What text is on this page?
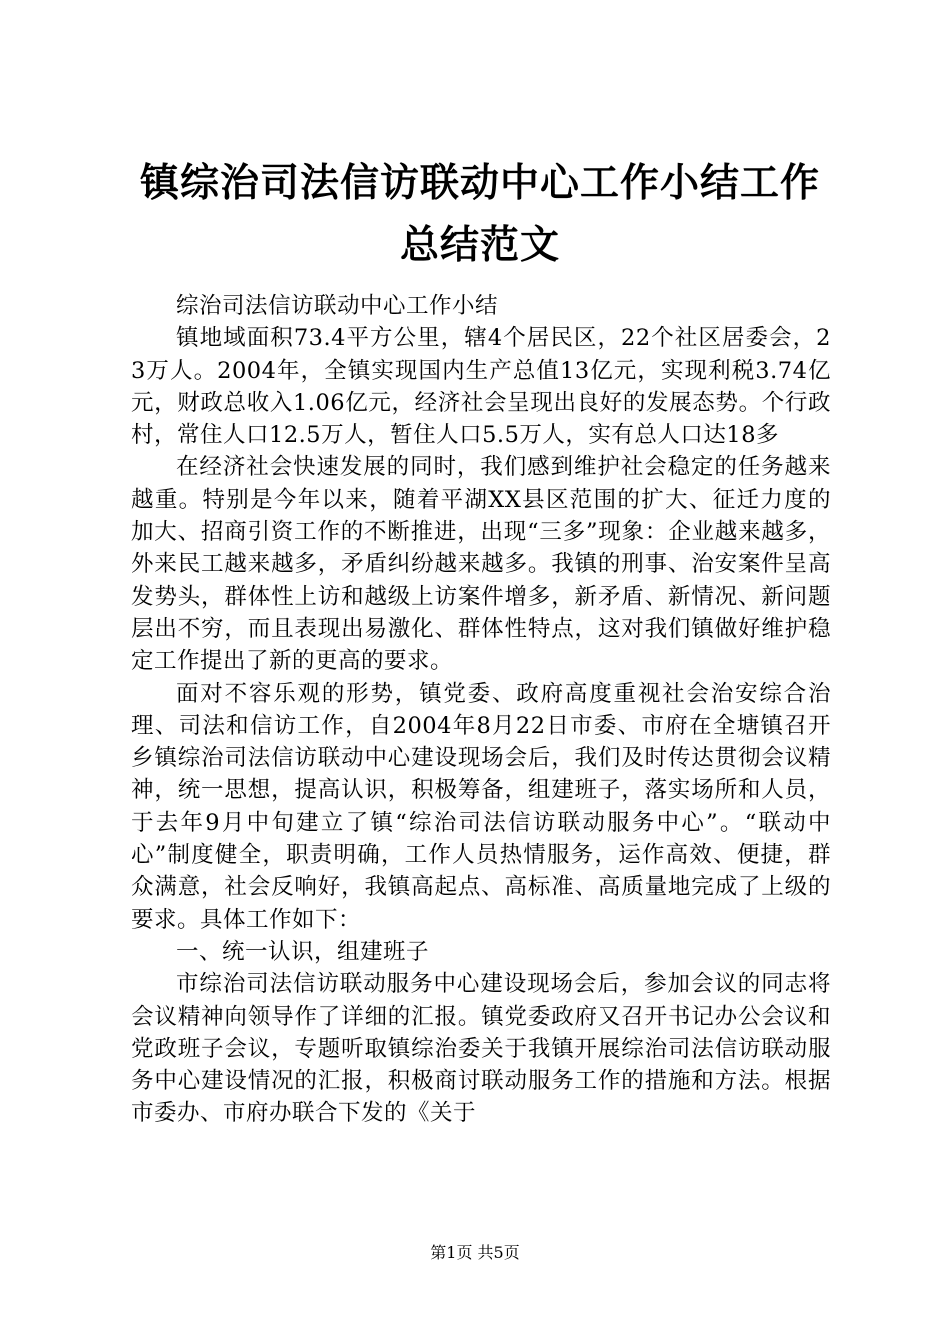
镇综治司法信访联动中心工作小结工作总结范文

综治司法信访联动中心工作小结

镇地域面积73.4平方公里，辖4个居民区，22个社区居委会，23万人。2004年，全镇实现国内生产总值13亿元，实现利税3.74亿元，财政总收入1.06亿元，经济社会呈现出良好的发展态势。个行政村，常住人口12.5万人，暂住人口5.5万人，实有总人口达18多

在经济社会快速发展的同时，我们感到维护社会稳定的任务越来越重。特别是今年以来，随着平湖XX县区范围的扩大、征迁力度的加大、招商引资工作的不断推进，出现“三多”现象：企业越来越多，外来民工越来越多，矛盾纠纷越来越多。我镇的刑事、治安案件呈高发势头，群体性上访和越级上访案件增多，新矛盾、新情况、新问题层出不穷，而且表现出易激化、群体性特点，这对我们镇做好维护稳定工作提出了新的更高的要求。

面对不容乐观的形势，镇党委、政府高度重视社会治安综合治理、司法和信访工作，自2004年8月22日市委、市府在全塘镇召开乡镇综治司法信访联动中心建设现场会后，我们及时传达贯彻会议精神，统一思想，提高认识，积极筹备，组建班子，落实场所和人员，于去年9月中旬建立了镇“综治司法信访联动服务中心”。“联动中心”制度健全，职责明确，工作人员热情服务，运作高效、便捷，群众满意，社会反响好，我镇高起点、高标准、高质量地完成了上级的要求。具体工作如下：

一、统一认识，组建班子

市综治司法信访联动服务中心建设现场会后，参加会议的同志将会议精神向领导作了详细的汇报。镇党委政府又召开书记办公会议和党政班子会议，专题听取镇综治委关于我镇开展综治司法信访联动服务中心建设情况的汇报，积极商讨联动服务工作的措施和方法。根据市委办、市府办联合下发的《关于

第1页 共5页
